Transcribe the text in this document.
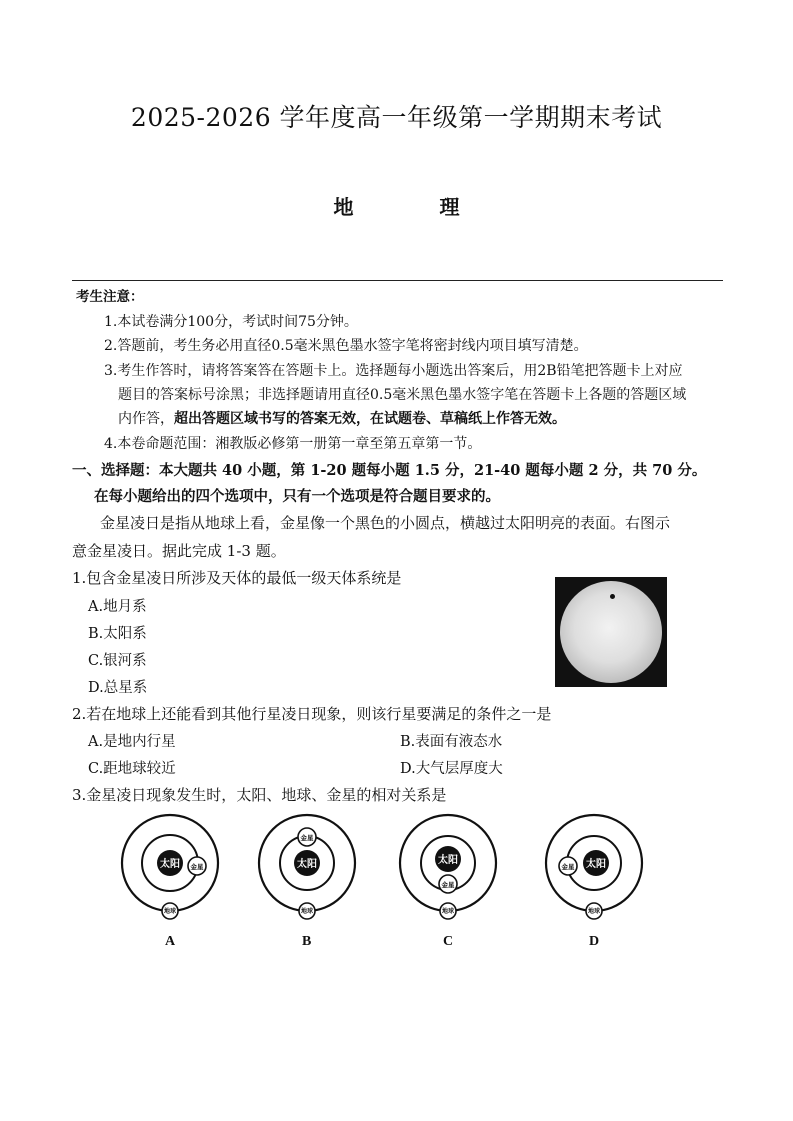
2025-2026 学年度高一年级第一学期期末考试
地	理
考生注意：
1.本试卷满分100分，考试时间75分钟。
2.答题前，考生务必用直径0.5毫米黑色墨水签字笔将密封线内项目填写清楚。
3.考生作答时，请将答案答在答题卡上。选择题每小题选出答案后，用2B铅笔把答题卡上对应
题目的答案标号涂黑；非选择题请用直径0.5毫米黑色墨水签字笔在答题卡上各题的答题区域
内作答，超出答题区域书写的答案无效，在试题卷、草稿纸上作答无效。
4.本卷命题范围：湘教版必修第一册第一章至第五章第一节。
一、选择题：本大题共 40 小题，第 1-20 题每小题 1.5 分，21-40 题每小题 2 分，共 70 分。
在每小题给出的四个选项中，只有一个选项是符合题目要求的。
金星凌日是指从地球上看，金星像一个黑色的小圆点，横越过太阳明亮的表面。右图示
意金星凌日。据此完成 1-3 题。
1.包含金星凌日所涉及天体的最低一级天体系统是
A.地月系
B.太阳系
C.银河系
D.总星系
2.若在地球上还能看到其他行星凌日现象，则该行星要满足的条件之一是
A.是地内行星	B.表面有液态水
C.距地球较近	D.大气层厚度大
3.金星凌日现象发生时，太阳、地球、金星的相对关系是
太阳 金星
地球
太阳
金星
地球
太阳
金星
地球
太阳
金星
地球
A	B	C	D
